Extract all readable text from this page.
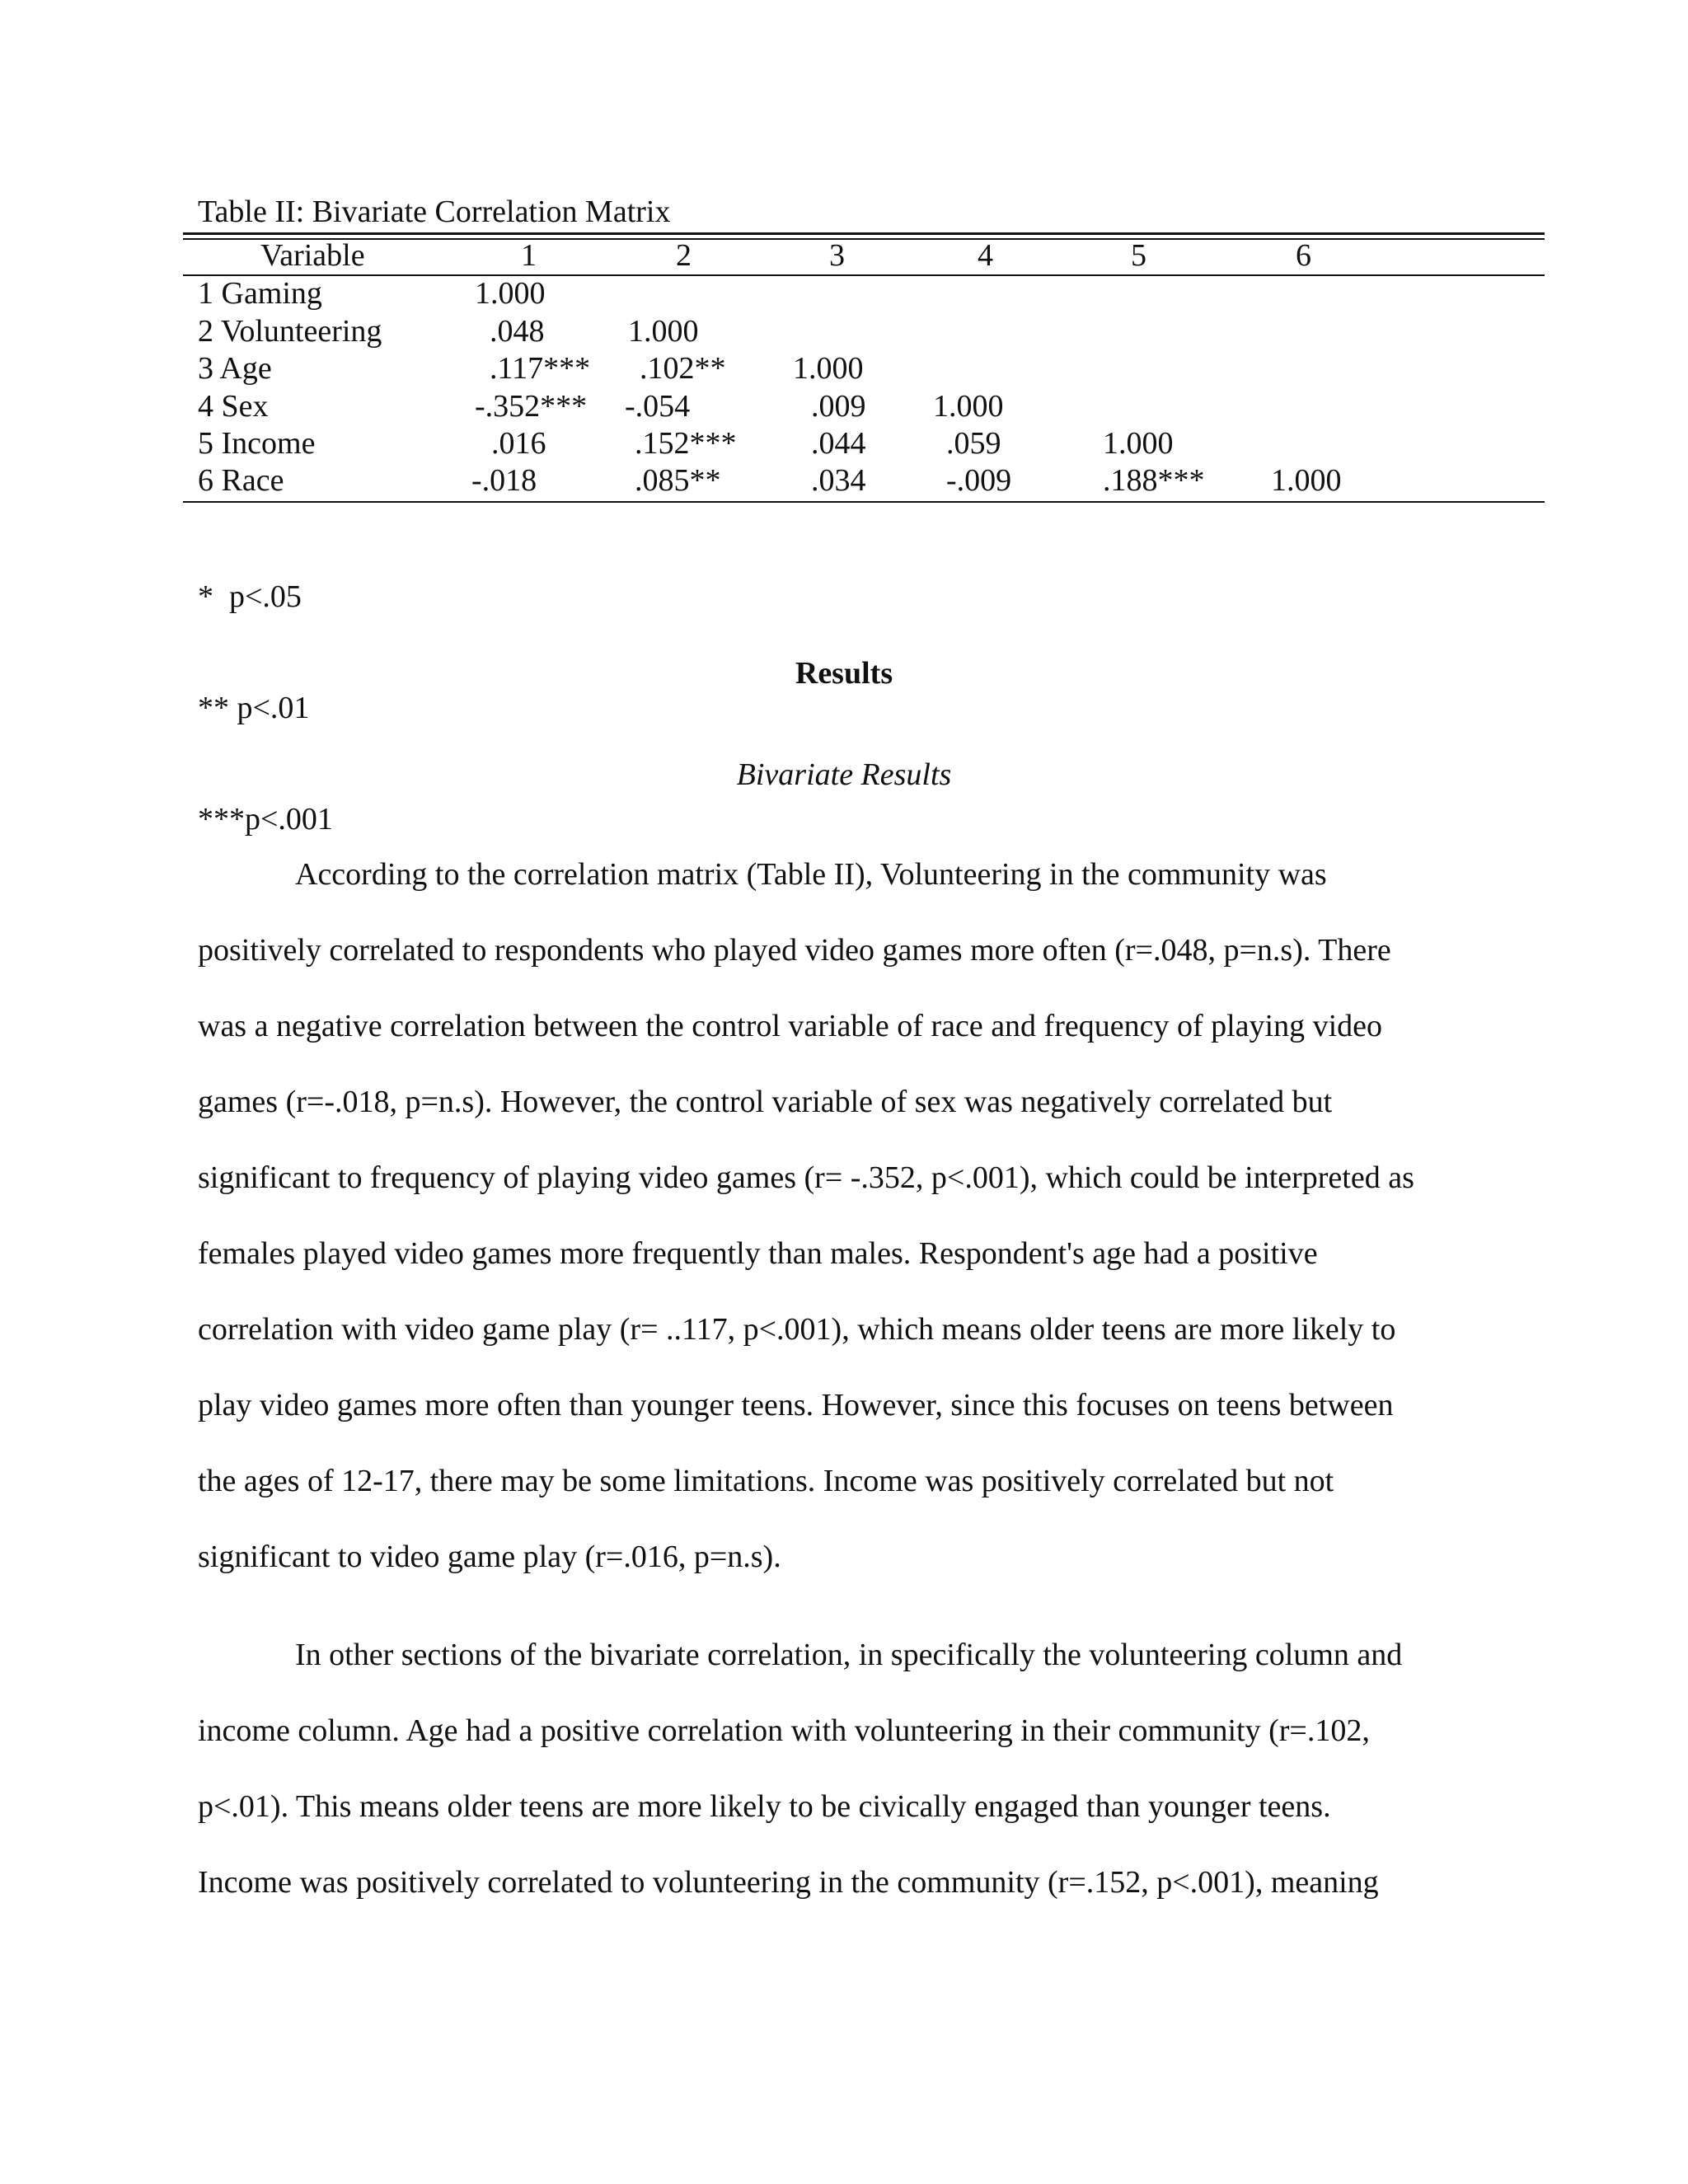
Table II: Bivariate Correlation Matrix
Variable	1	2	3	4	5	6
1 Gaming	1.000
2 Volunteering	.048	1.000
3 Age	.117*** .102** 1.000
4 Sex	-.352*** -.054	.009 1.000
5 Income	.016	.152*** .044	.059	1.000
6 Race	-.018	.085**	.034	-.009	.188*** 1.000

*  p<.05

** p<.01

***p<.001

Results
Bivariate Results
According to the correlation matrix (Table II), Volunteering in the community was
positively correlated to respondents who played video games more often (r=.048, p=n.s). There
was a negative correlation between the control variable of race and frequency of playing video
games (r=-.018, p=n.s). However, the control variable of sex was negatively correlated but
significant to frequency of playing video games (r= -.352, p<.001), which could be interpreted as
females played video games more frequently than males. Respondent's age had a positive
correlation with video game play (r= ..117, p<.001), which means older teens are more likely to
play video games more often than younger teens. However, since this focuses on teens between
the ages of 12-17, there may be some limitations. Income was positively correlated but not
significant to video game play (r=.016, p=n.s).
In other sections of the bivariate correlation, in specifically the volunteering column and
income column. Age had a positive correlation with volunteering in their community (r=.102,
p<.01). This means older teens are more likely to be civically engaged than younger teens.
Income was positively correlated to volunteering in the community (r=.152, p<.001), meaning
